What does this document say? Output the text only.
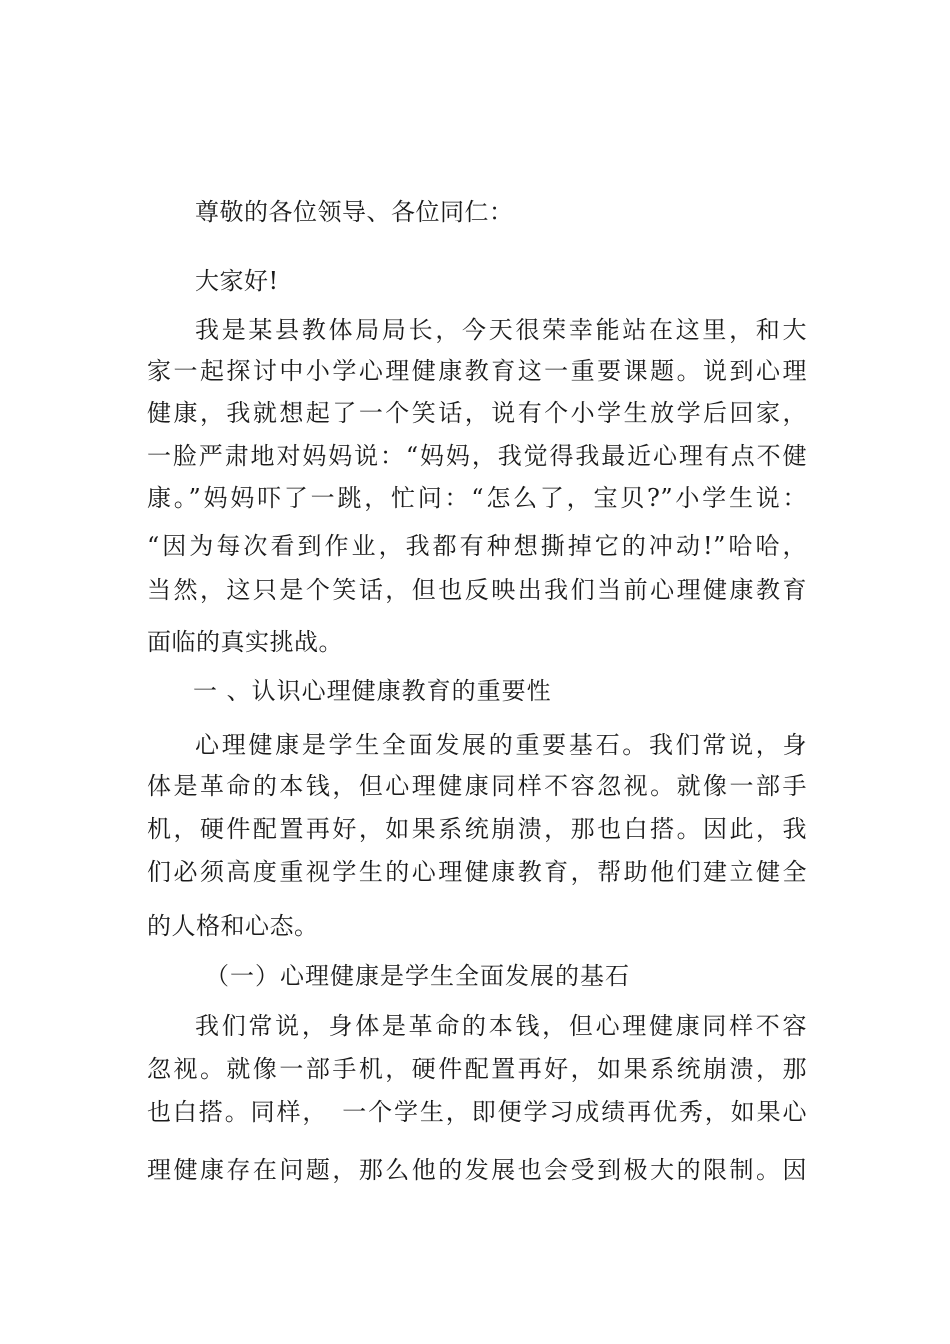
尊敬的各位领导、各位同仁：
大家好!
我是某县教体局局长，今天很荣幸能站在这里，和大
家一起探讨中小学心理健康教育这一重要课题。说到心理
健康，我就想起了一个笑话，说有个小学生放学后回家，
一脸严肃地对妈妈说：“妈妈，我觉得我最近心理有点不健
康。”妈妈吓了一跳，忙问：“怎么了，宝贝?”小学生说：
“因为每次看到作业，我都有种想撕掉它的冲动!”哈哈，
当然，这只是个笑话，但也反映出我们当前心理健康教育
面临的真实挑战。
一 、认识心理健康教育的重要性
心理健康是学生全面发展的重要基石。我们常说，身
体是革命的本钱，但心理健康同样不容忽视。就像一部手
机，硬件配置再好，如果系统崩溃，那也白搭。因此，我
们必须高度重视学生的心理健康教育，帮助他们建立健全
的人格和心态。
（一）心理健康是学生全面发展的基石
我们常说，身体是革命的本钱，但心理健康同样不容
忽视。就像一部手机，硬件配置再好，如果系统崩溃，那
也白搭。同样，　一个学生，即便学习成绩再优秀，如果心
理健康存在问题，那么他的发展也会受到极大的限制。因
